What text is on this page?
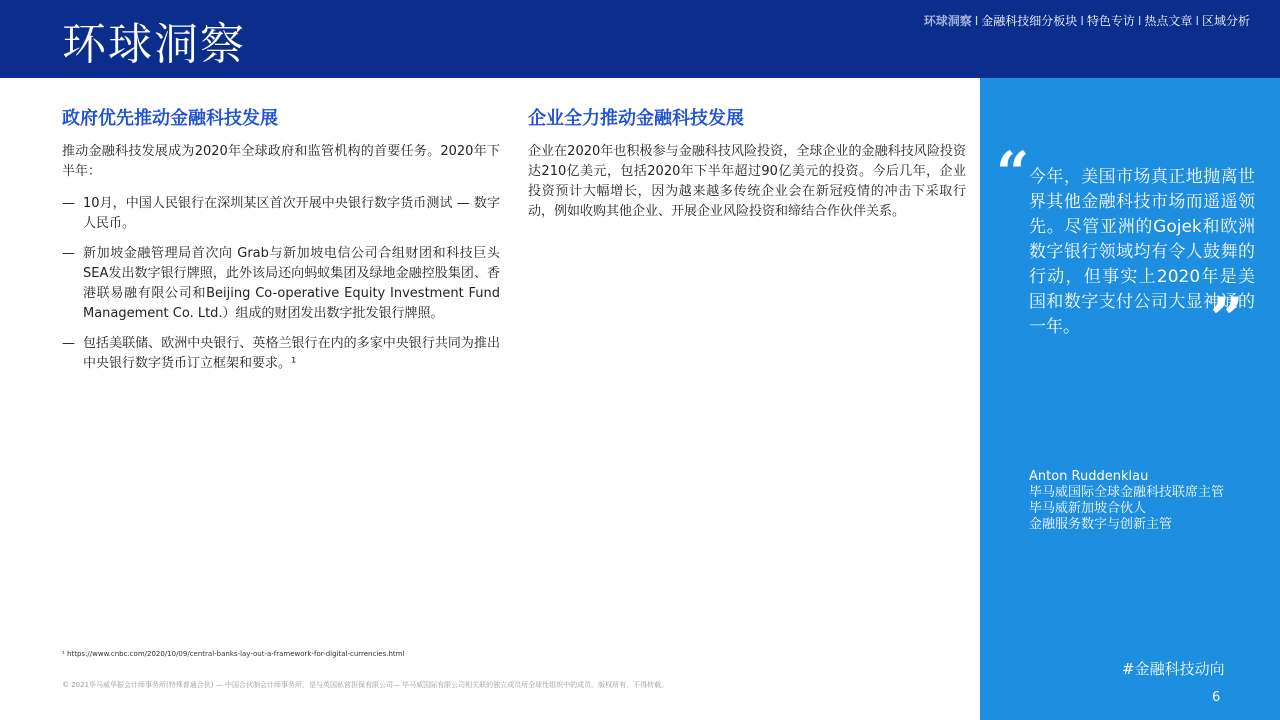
环球洞察	环球洞察 I 金融科技细分板块 I 特色专访 I 热点文章 I 区域分析
政府优先推动金融科技发展

推动金融科技发展成为2020年全球政府和监管机构的首要任务。2020年下半年：

— 10月，中国人民银行在深圳某区首次开展中央银行数字货币测试 — 数字人民币。
— 新加坡金融管理局首次向 Grab与新加坡电信公司合组财团和科技巨头SEA发出数字银行牌照，此外该局还向蚂蚁集团及绿地金融控股集团、香港联易融有限公司和Beijing Co-operative Equity Investment Fund Management Co. Ltd.）组成的财团发出数字批发银行牌照。
— 包括美联储、欧洲中央银行、英格兰银行在内的多家中央银行共同为推出中央银行数字货币订立框架和要求。¹
企业全力推动金融科技发展

企业在2020年也积极参与金融科技风险投资，全球企业的金融科技风险投资达210亿美元，包括2020年下半年超过90亿美元的投资。今后几年，企业投资预计大幅增长，因为越来越多传统企业会在新冠疫情的冲击下采取行动，例如收购其他企业、开展企业风险投资和缔结合作伙伴关系。

“ 今年，美国市场真正地抛离世界其他金融科技市场而遥遥领先。尽管亚洲的Gojek和欧洲数字银行领域均有令人鼓舞的行动，但事实上2020年是美国和数字支付公司大显神通的一年。	”
Anton Ruddenklau
毕马威国际全球金融科技联席主管
毕马威新加坡合伙人
金融服务数字与创新主管
#金融科技动向
6
¹ https://www.cnbc.com/2020/10/09/central-banks-lay-out-a-framework-for-digital-currencies.html
© 2021毕马威华振会计师事务所(特殊普通合伙) — 中国合伙制会计师事务所，是与英国私营担保有限公司— 毕马威国际有限公司相关联的独立成员所全球性组织中的成员。版权所有，不得转载。
